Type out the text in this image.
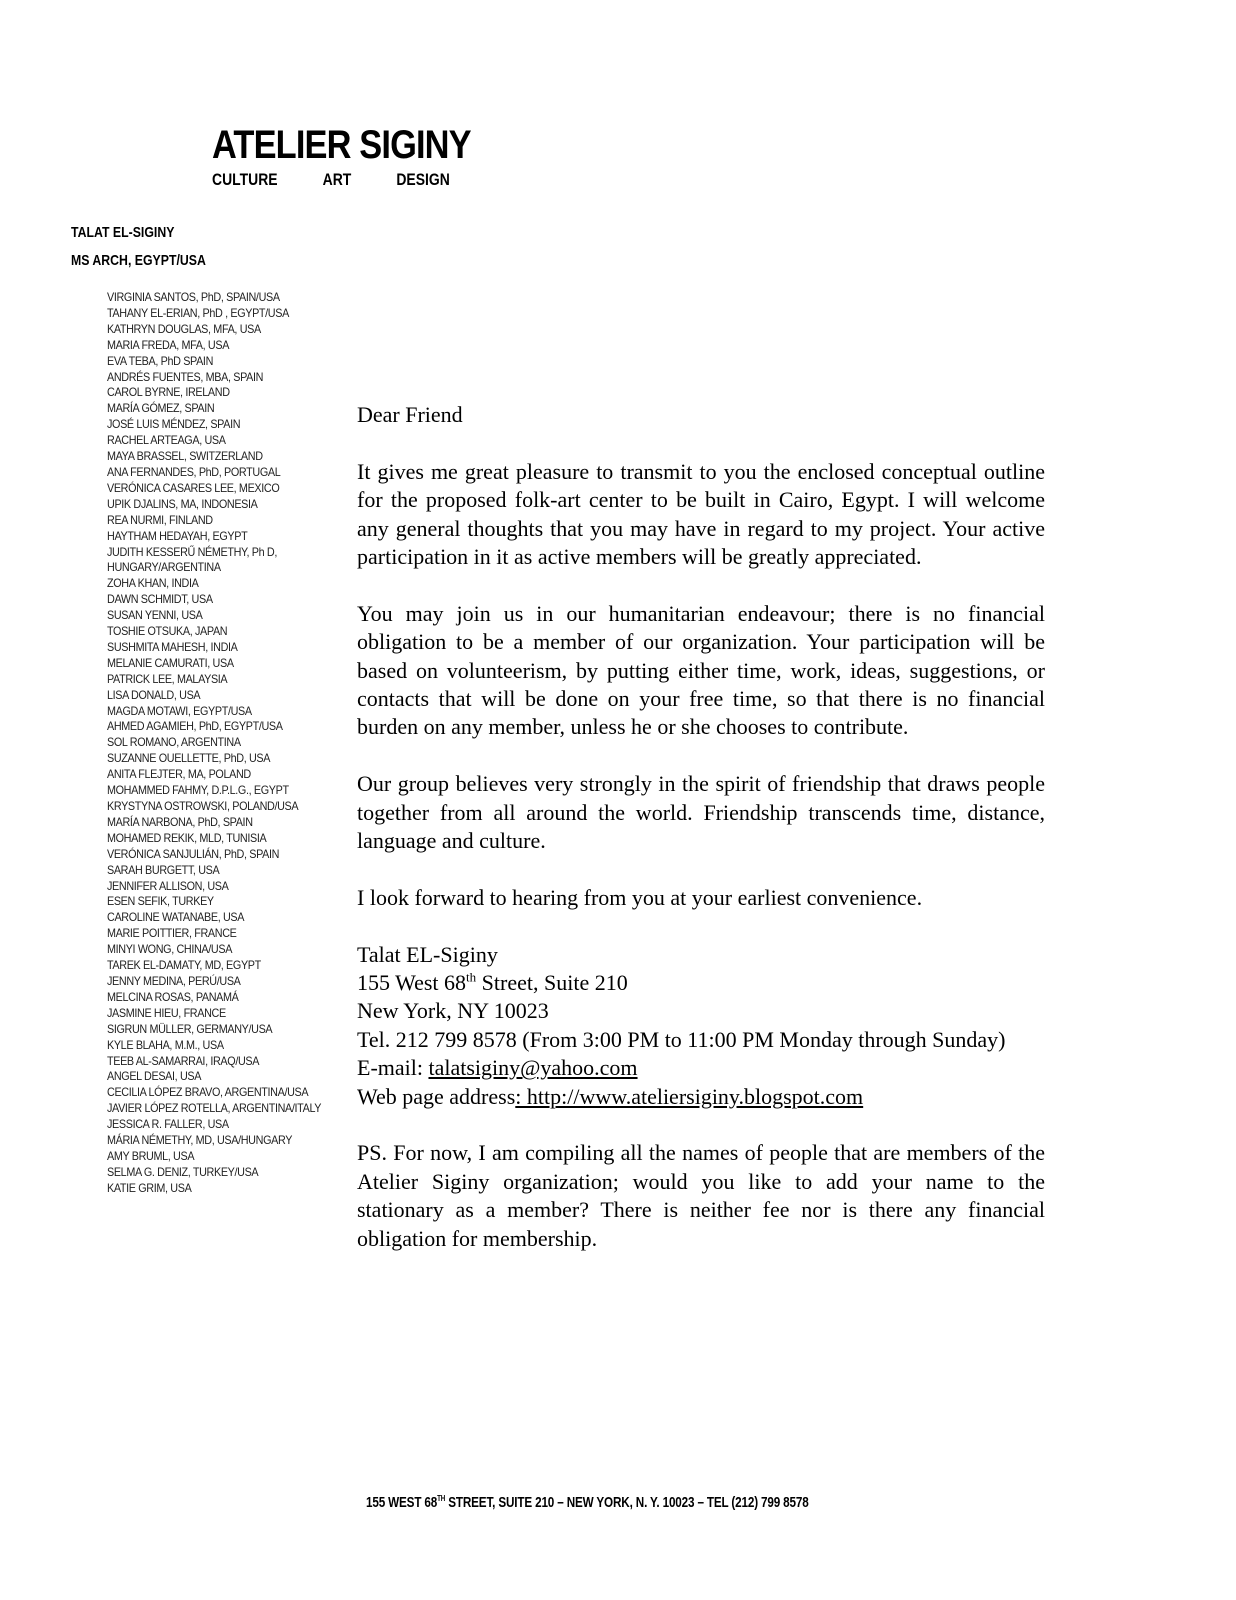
ATELIER SIGINY
CULTURE	ART	DESIGN
TALAT EL-SIGINY
MS ARCH, EGYPT/USA
VIRGINIA SANTOS, PhD, SPAIN/USA
TAHANY EL-ERIAN, PhD , EGYPT/USA
KATHRYN DOUGLAS, MFA, USA
MARIA FREDA, MFA, USA
EVA TEBA, PhD SPAIN
ANDRÉS FUENTES, MBA, SPAIN
CAROL BYRNE, IRELAND
MARÍA GÓMEZ, SPAIN
JOSÉ LUIS MÉNDEZ, SPAIN
RACHEL ARTEAGA, USA
MAYA BRASSEL, SWITZERLAND
ANA FERNANDES, PhD, PORTUGAL
VERÓNICA CASARES LEE, MEXICO
UPIK DJALINS, MA, INDONESIA
REA NURMI, FINLAND
HAYTHAM HEDAYAH, EGYPT
JUDITH KESSERŰ NÉMETHY, Ph D,
HUNGARY/ARGENTINA
ZOHA KHAN, INDIA
DAWN SCHMIDT, USA
SUSAN YENNI, USA
TOSHIE OTSUKA, JAPAN
SUSHMITA MAHESH, INDIA
MELANIE CAMURATI, USA
PATRICK LEE, MALAYSIA
LISA DONALD, USA
MAGDA MOTAWI, EGYPT/USA
AHMED AGAMIEH, PhD, EGYPT/USA
SOL ROMANO, ARGENTINA
SUZANNE OUELLETTE, PhD, USA
ANITA FLEJTER, MA, POLAND
MOHAMMED FAHMY, D.P.L.G., EGYPT
KRYSTYNA OSTROWSKI, POLAND/USA
MARÍA NARBONA, PhD, SPAIN
MOHAMED REKIK, MLD, TUNISIA
VERÓNICA SANJULIÁN, PhD, SPAIN
SARAH BURGETT, USA
JENNIFER ALLISON, USA
ESEN SEFIK, TURKEY
CAROLINE WATANABE, USA
MARIE POITTIER, FRANCE
MINYI WONG, CHINA/USA
TAREK EL-DAMATY, MD, EGYPT
JENNY MEDINA, PERÚ/USA
MELCINA ROSAS, PANAMÁ
JASMINE HIEU, FRANCE
SIGRUN MÜLLER, GERMANY/USA
KYLE BLAHA, M.M., USA
TEEB AL-SAMARRAI, IRAQ/USA
ANGEL DESAI, USA
CECILIA LÓPEZ BRAVO, ARGENTINA/USA
JAVIER LÓPEZ ROTELLA, ARGENTINA/ITALY
JESSICA R. FALLER, USA
MÁRIA NÉMETHY, MD, USA/HUNGARY
AMY BRUML, USA
SELMA G. DENIZ, TURKEY/USA
KATIE GRIM, USA

Dear Friend

It gives me great pleasure to transmit to you the enclosed conceptual outline for the proposed folk-art center to be built in Cairo, Egypt. I will welcome any general thoughts that you may have in regard to my project. Your active participation in it as active members will be greatly appreciated.

You may join us in our humanitarian endeavour; there is no financial obligation to be a member of our organization. Your participation will be based on volunteerism, by putting either time, work, ideas, suggestions, or contacts that will be done on your free time, so that there is no financial burden on any member, unless he or she chooses to contribute.

Our group believes very strongly in the spirit of friendship that draws people together from all around the world. Friendship transcends time, distance, language and culture.

I look forward to hearing from you at your earliest convenience.

Talat EL-Siginy
155 West 68th Street, Suite 210
New York, NY 10023
Tel. 212 799 8578 (From 3:00 PM to 11:00 PM Monday through Sunday)
E-mail: talatsiginy@yahoo.com
Web page address: http://www.ateliersiginy.blogspot.com

PS. For now, I am compiling all the names of people that are members of the Atelier Siginy organization; would you like to add your name to the stationary as a member? There is neither fee nor is there any financial obligation for membership.

155 WEST 68TH STREET, SUITE 210 – NEW YORK, N. Y. 10023 – TEL (212) 799 8578
